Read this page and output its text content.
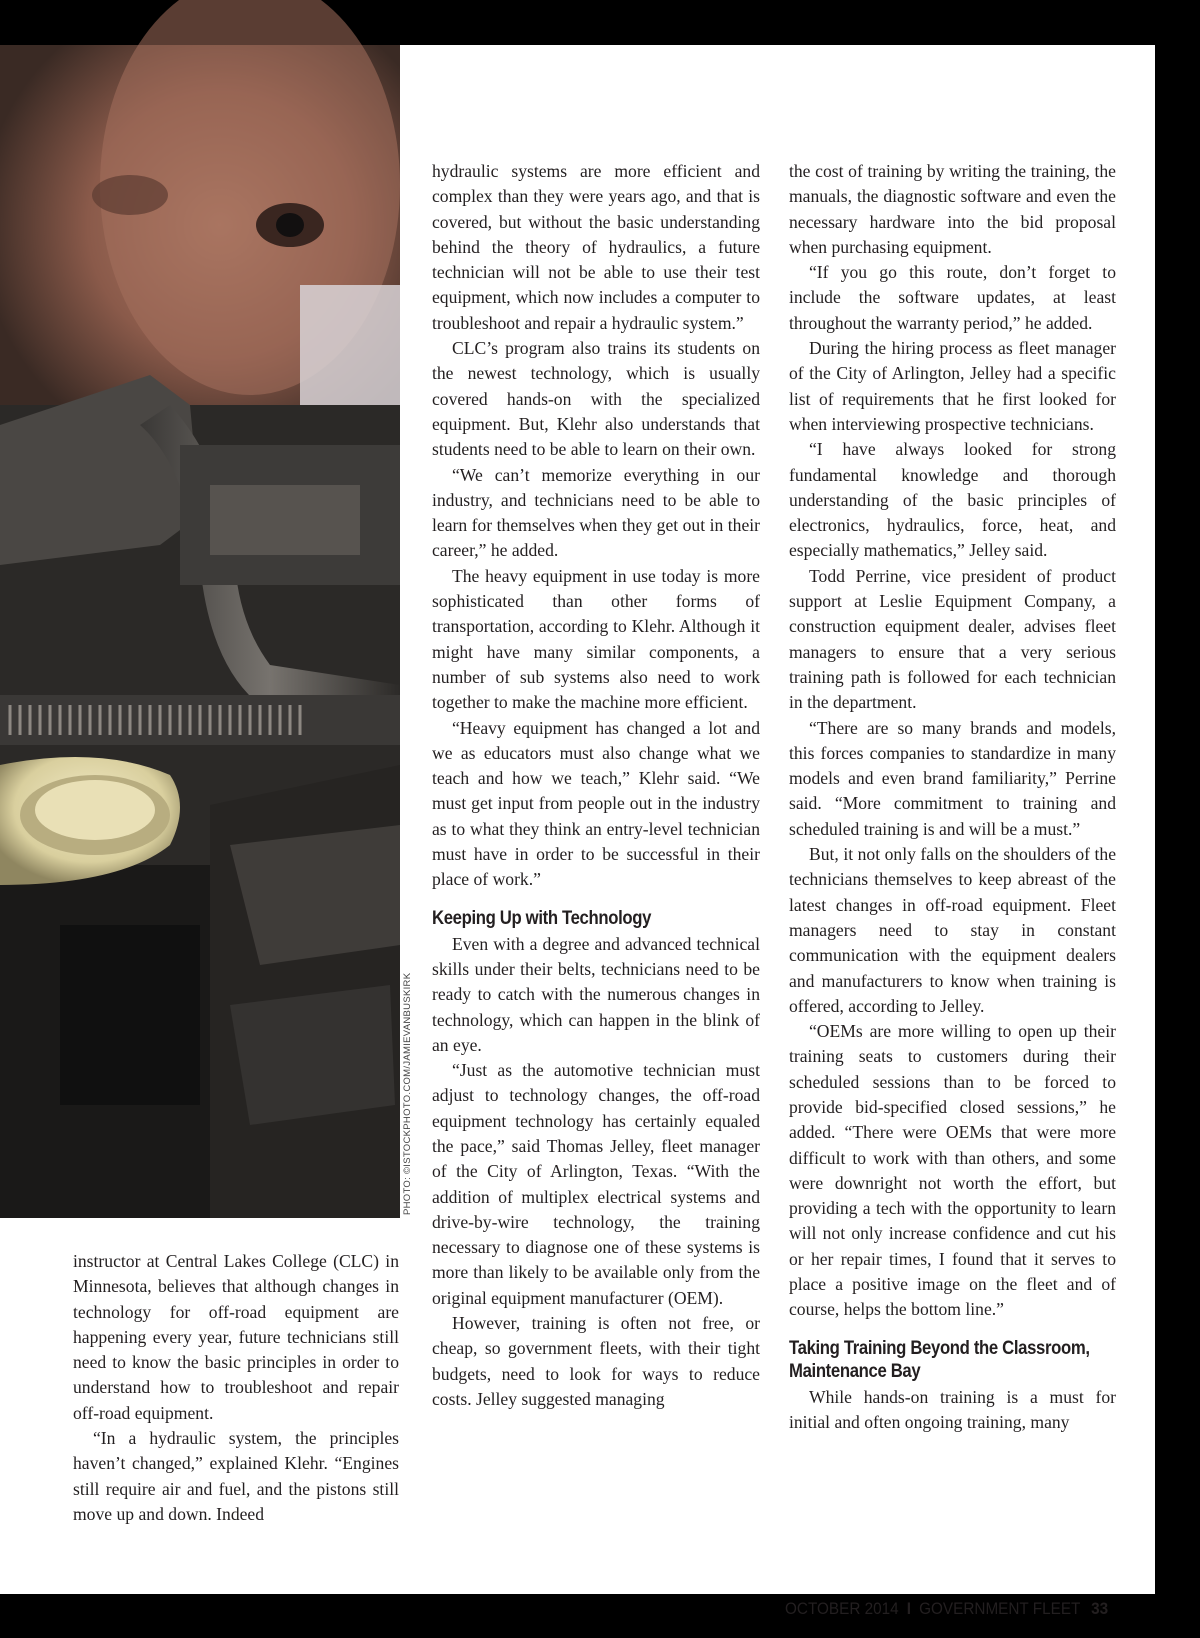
PHOTO: ©ISTOCKPHOTO.COM/JAMIEVANBUSKIRK

instructor at Central Lakes College (CLC) in Minnesota, believes that although changes in technology for off-road equipment are happening every year, future technicians still need to know the basic principles in order to understand how to troubleshoot and repair off-road equipment.

“In a hydraulic system, the principles haven’t changed,” explained Klehr. “Engines still require air and fuel, and the pistons still move up and down. Indeed

hydraulic systems are more efficient and complex than they were years ago, and that is covered, but without the basic understanding behind the theory of hydraulics, a future technician will not be able to use their test equipment, which now includes a computer to troubleshoot and repair a hydraulic system.”

CLC’s program also trains its students on the newest technology, which is usually covered hands-on with the specialized equipment. But, Klehr also understands that students need to be able to learn on their own.

“We can’t memorize everything in our industry, and technicians need to be able to learn for themselves when they get out in their career,” he added.

The heavy equipment in use today is more sophisticated than other forms of transportation, according to Klehr. Although it might have many similar components, a number of sub systems also need to work together to make the machine more efficient.

“Heavy equipment has changed a lot and we as educators must also change what we teach and how we teach,” Klehr said. “We must get input from people out in the industry as to what they think an entry-level technician must have in order to be successful in their place of work.”

Keeping Up with Technology

Even with a degree and advanced technical skills under their belts, technicians need to be ready to catch with the numerous changes in technology, which can happen in the blink of an eye.

“Just as the automotive technician must adjust to technology changes, the off-road equipment technology has certainly equaled the pace,” said Thomas Jelley, fleet manager of the City of Arlington, Texas. “With the addition of multiplex electrical systems and drive-by-wire technology, the training necessary to diagnose one of these systems is more than likely to be available only from the original equipment manufacturer (OEM).

However, training is often not free, or cheap, so government fleets, with their tight budgets, need to look for ways to reduce costs. Jelley suggested managing

the cost of training by writing the training, the manuals, the diagnostic software and even the necessary hardware into the bid proposal when purchasing equipment.

“If you go this route, don’t forget to include the software updates, at least throughout the warranty period,” he added.

During the hiring process as fleet manager of the City of Arlington, Jelley had a specific list of requirements that he first looked for when interviewing prospective technicians.

“I have always looked for strong fundamental knowledge and thorough understanding of the basic principles of electronics, hydraulics, force, heat, and especially mathematics,” Jelley said.

Todd Perrine, vice president of product support at Leslie Equipment Company, a construction equipment dealer, advises fleet managers to ensure that a very serious training path is followed for each technician in the department.

“There are so many brands and models, this forces companies to standardize in many models and even brand familiarity,” Perrine said. “More commitment to training and scheduled training is and will be a must.”

But, it not only falls on the shoulders of the technicians themselves to keep abreast of the latest changes in off-road equipment. Fleet managers need to stay in constant communication with the equipment dealers and manufacturers to know when training is offered, according to Jelley.

“OEMs are more willing to open up their training seats to customers during their scheduled sessions than to be forced to provide bid-specified closed sessions,” he added. “There were OEMs that were more difficult to work with than others, and some were downright not worth the effort, but providing a tech with the opportunity to learn will not only increase confidence and cut his or her repair times, I found that it serves to place a positive image on the fleet and of course, helps the bottom line.”

Taking Training Beyond the Classroom, Maintenance Bay

While hands-on training is a must for initial and often ongoing training, many

OCTOBER 2014 I GOVERNMENT FLEET 33
